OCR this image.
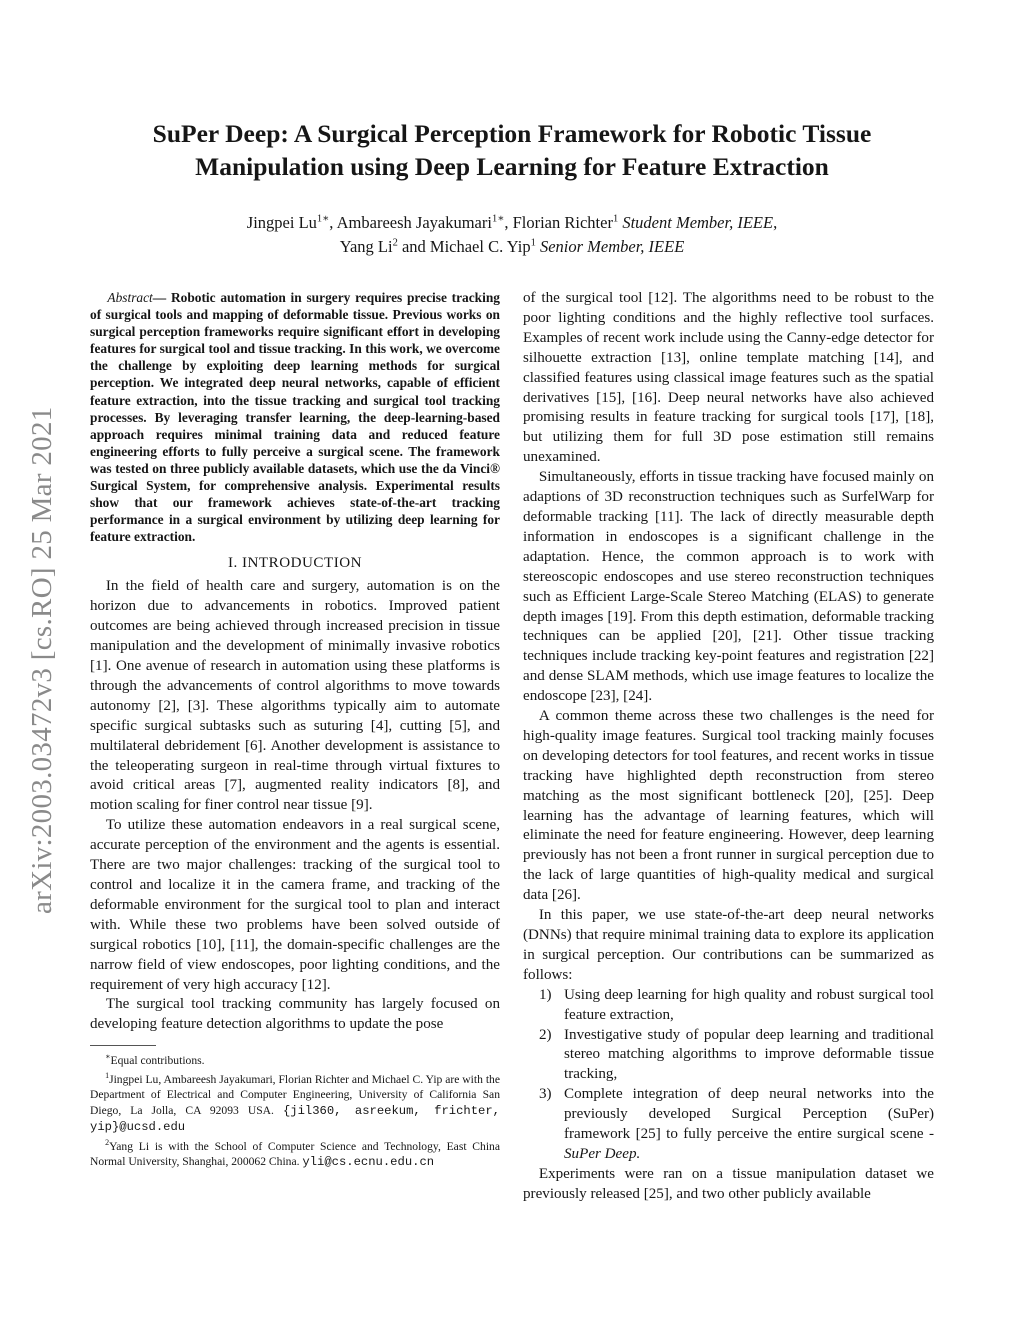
arXiv:2003.03472v3 [cs.RO] 25 Mar 2021
SuPer Deep: A Surgical Perception Framework for Robotic Tissue
Manipulation using Deep Learning for Feature Extraction
Jingpei $Lu^{1∗}$, Ambareesh Jayakumari$^{1∗}$, Florian Richter$^1$ Student Member, IEEE,
Yang Li$^2$ and Michael C. Yip$^1$ Senior Member, IEEE

Abstract— Robotic automation in surgery requires precise tracking of surgical tools and mapping of deformable tissue. Previous works on surgical perception frameworks require significant effort in developing features for surgical tool and tissue tracking. In this work, we overcome the challenge by exploiting deep learning methods for surgical perception. We integrated deep neural networks, capable of efficient feature extraction, into the tissue tracking and surgical tool tracking processes. By leveraging transfer learning, the deep-learning-based approach requires minimal training data and reduced feature engineering efforts to fully perceive a surgical scene. The framework was tested on three publicly available datasets, which use the da Vinci® Surgical System, for comprehensive analysis. Experimental results show that our framework achieves state-of-the-art tracking performance in a surgical environment by utilizing deep learning for feature extraction.

I. INTRODUCTION

In the field of health care and surgery, automation is on the horizon due to advancements in robotics. Improved patient outcomes are being achieved through increased precision in tissue manipulation and the development of minimally invasive robotics [1]. One avenue of research in automation using these platforms is through the advancements of control algorithms to move towards autonomy [2], [3]. These algorithms typically aim to automate specific surgical subtasks such as suturing [4], cutting [5], and multilateral debridement [6]. Another development is assistance to the teleoperating surgeon in real-time through virtual fixtures to avoid critical areas [7], augmented reality indicators [8], and motion scaling for finer control near tissue [9].

To utilize these automation endeavors in a real surgical scene, accurate perception of the environment and the agents is essential. There are two major challenges: tracking of the surgical tool to control and localize it in the camera frame, and tracking of the deformable environment for the surgical tool to plan and interact with. While these two problems have been solved outside of surgical robotics [10], [11], the domain-specific challenges are the narrow field of view endoscopes, poor lighting conditions, and the requirement of very high accuracy [12].

The surgical tool tracking community has largely focused on developing feature detection algorithms to update the pose

∗Equal contributions.

$^1$Jingpei Lu, Ambareesh Jayakumari, Florian Richter and Michael C. Yip are with the Department of Electrical and Computer Engineering, University of California San Diego, La Jolla, CA 92093 USA. {jil360, asreekum, frichter, yip}@ucsd.edu

$^2$Yang Li is with the School of Computer Science and Technology, East China Normal University, Shanghai, 200062 China. yli@cs.ecnu.edu.cn

of the surgical tool [12]. The algorithms need to be robust to the poor lighting conditions and the highly reflective tool surfaces. Examples of recent work include using the Canny-edge detector for silhouette extraction [13], online template matching [14], and classified features using classical image features such as the spatial derivatives [15], [16]. Deep neural networks have also achieved promising results in feature tracking for surgical tools [17], [18], but utilizing them for full 3D pose estimation still remains unexamined.

Simultaneously, efforts in tissue tracking have focused mainly on adaptions of 3D reconstruction techniques such as SurfelWarp for deformable tracking [11]. The lack of directly measurable depth information in endoscopes is a significant challenge in the adaptation. Hence, the common approach is to work with stereoscopic endoscopes and use stereo reconstruction techniques such as Efficient Large-Scale Stereo Matching (ELAS) to generate depth images [19]. From this depth estimation, deformable tracking techniques can be applied [20], [21]. Other tissue tracking techniques include tracking key-point features and registration [22] and dense SLAM methods, which use image features to localize the endoscope [23], [24].

A common theme across these two challenges is the need for high-quality image features. Surgical tool tracking mainly focuses on developing detectors for tool features, and recent works in tissue tracking have highlighted depth reconstruction from stereo matching as the most significant bottleneck [20], [25]. Deep learning has the advantage of learning features, which will eliminate the need for feature engineering. However, deep learning previously has not been a front runner in surgical perception due to the lack of large quantities of high-quality medical and surgical data [26].

In this paper, we use state-of-the-art deep neural networks (DNNs) that require minimal training data to explore its application in surgical perception. Our contributions can be summarized as follows:

1) Using deep learning for high quality and robust surgical tool feature extraction,
2) Investigative study of popular deep learning and traditional stereo matching algorithms to improve deformable tissue tracking,
3) Complete integration of deep neural networks into the previously developed Surgical Perception (SuPer) framework [25] to fully perceive the entire surgical scene - SuPer Deep.

Experiments were ran on a tissue manipulation dataset we previously released [25], and two other publicly available
